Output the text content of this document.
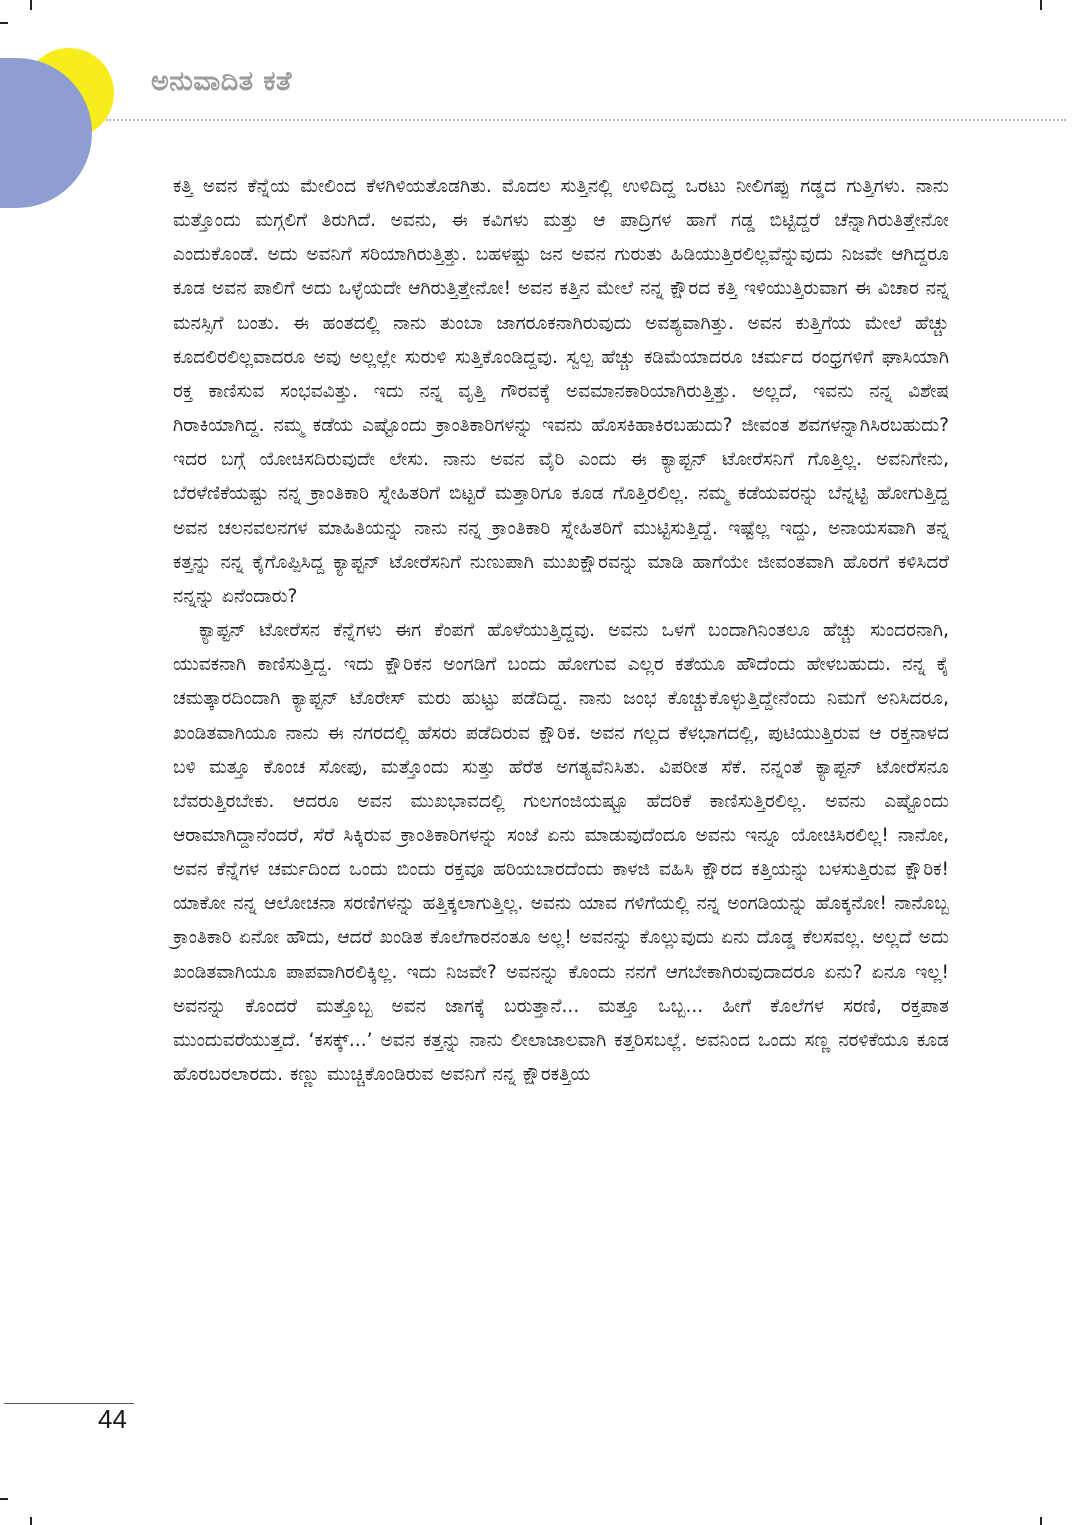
ಅನುವಾದಿತ ಕತೆ

ಕತ್ತಿ ಅವನ ಕೆನ್ನೆಯ ಮೇಲಿಂದ ಕೆಳಗಿಳಿಯತೊಡಗಿತು. ಮೊದಲ ಸುತ್ತಿನಲ್ಲಿ ಉಳಿದಿದ್ದ ಒರಟು ನೀಲಿಗಪ್ಪು ಗಡ್ಡದ ಗುತ್ತಿಗಳು. ನಾನು ಮತ್ತೊಂದು ಮಗ್ಗಲಿಗೆ ತಿರುಗಿದೆ. ಅವನು, ಈ ಕವಿಗಳು ಮತ್ತು ಆ ಪಾದ್ರಿಗಳ ಹಾಗೆ ಗಡ್ಡ ಬಿಟ್ಟಿದ್ದರೆ ಚೆನ್ನಾಗಿರುತಿತ್ತೇನೋ ಎಂದುಕೊಂಡೆ. ಅದು ಅವನಿಗೆ ಸರಿಯಾಗಿರುತ್ತಿತ್ತು. ಬಹಳಷ್ಟು ಜನ ಅವನ ಗುರುತು ಹಿಡಿಯುತ್ತಿರಲಿಲ್ಲವೆನ್ನುವುದು ನಿಜವೇ ಆಗಿದ್ದರೂ ಕೂಡ ಅವನ ಪಾಲಿಗೆ ಅದು ಒಳ್ಳೆಯದೇ ಆಗಿರುತ್ತಿತ್ತೇನೋ! ಅವನ ಕತ್ತಿನ ಮೇಲೆ ನನ್ನ ಕ್ಷೌರದ ಕತ್ತಿ ಇಳಿಯುತ್ತಿರುವಾಗ ಈ ವಿಚಾರ ನನ್ನ ಮನಸ್ಸಿಗೆ ಬಂತು. ಈ ಹಂತದಲ್ಲಿ ನಾನು ತುಂಬಾ ಜಾಗರೂಕನಾಗಿರುವುದು ಅವಶ್ಯವಾಗಿತ್ತು. ಅವನ ಕುತ್ತಿಗೆಯ ಮೇಲೆ ಹೆಚ್ಚು ಕೂದಲಿರಲಿಲ್ಲವಾದರೂ ಅವು ಅಲ್ಲಲ್ಲೇ ಸುರುಳಿ ಸುತ್ತಿಕೊಂಡಿದ್ದವು. ಸ್ವಲ್ಪ ಹೆಚ್ಚು ಕಡಿಮೆಯಾದರೂ ಚರ್ಮದ ರಂಧ್ರಗಳಿಗೆ ಘಾಸಿಯಾಗಿ ರಕ್ತ ಕಾಣಿಸುವ ಸಂಭವವಿತ್ತು. ಇದು ನನ್ನ ವೃತ್ತಿ ಗೌರವಕ್ಕೆ ಅವಮಾನಕಾರಿಯಾಗಿರುತ್ತಿತ್ತು. ಅಲ್ಲದೆ, ಇವನು ನನ್ನ ವಿಶೇಷ ಗಿರಾಕಿಯಾಗಿದ್ದ. ನಮ್ಮ ಕಡೆಯ ಎಷ್ಟೊಂದು ಕ್ರಾಂತಿಕಾರಿಗಳನ್ನು ಇವನು ಹೊಸಕಿಹಾಕಿರಬಹುದು? ಜೀವಂತ ಶವಗಳನ್ನಾಗಿಸಿರಬಹುದು? ಇದರ ಬಗ್ಗೆ ಯೋಚಿಸದಿರುವುದೇ ಲೇಸು. ನಾನು ಅವನ ವೈರಿ ಎಂದು ಈ ಕ್ಯಾಪ್ಟನ್ ಟೋರೆಸನಿಗೆ ಗೊತ್ತಿಲ್ಲ. ಅವನಿಗೇನು, ಬೆರಳೆಣಿಕೆಯಷ್ಟು ನನ್ನ ಕ್ರಾಂತಿಕಾರಿ ಸ್ನೇಹಿತರಿಗೆ ಬಿಟ್ಟರೆ ಮತ್ತಾರಿಗೂ ಕೂಡ ಗೊತ್ತಿರಲಿಲ್ಲ. ನಮ್ಮ ಕಡೆಯವರನ್ನು ಬೆನ್ನಟ್ಟಿ ಹೋಗುತ್ತಿದ್ದ ಅವನ ಚಲನವಲನಗಳ ಮಾಹಿತಿಯನ್ನು ನಾನು ನನ್ನ ಕ್ರಾಂತಿಕಾರಿ ಸ್ನೇಹಿತರಿಗೆ ಮುಟ್ಟಿಸುತ್ತಿದ್ದೆ. ಇಷ್ಟೆಲ್ಲ ಇದ್ದು, ಅನಾಯಸವಾಗಿ ತನ್ನ ಕತ್ತನ್ನು ನನ್ನ ಕೈಗೊಪ್ಪಿಸಿದ್ದ ಕ್ಯಾಪ್ಟನ್ ಟೋರೆಸನಿಗೆ ನುಣುಪಾಗಿ ಮುಖಕ್ಷೌರವನ್ನು ಮಾಡಿ ಹಾಗೆಯೇ ಜೀವಂತವಾಗಿ ಹೊರಗೆ ಕಳಿಸಿದರೆ ನನ್ನನ್ನು ಏನೆಂದಾರು?

ಕ್ಯಾಪ್ಟನ್ ಟೋರೆಸನ ಕೆನ್ನೆಗಳು ಈಗ ಕೆಂಪಗೆ ಹೊಳೆಯುತ್ತಿದ್ದವು. ಅವನು ಒಳಗೆ ಬಂದಾಗಿನಿಂತಲೂ ಹೆಚ್ಚು ಸುಂದರನಾಗಿ, ಯುವಕನಾಗಿ ಕಾಣಿಸುತ್ತಿದ್ದ. ಇದು ಕ್ಷೌರಿಕನ ಅಂಗಡಿಗೆ ಬಂದು ಹೋಗುವ ಎಲ್ಲರ ಕತೆಯೂ ಹೌದೆಂದು ಹೇಳಬಹುದು. ನನ್ನ ಕೈ ಚಮತ್ಕಾರದಿಂದಾಗಿ ಕ್ಯಾಪ್ಟನ್ ಟೊರೇಸ್ ಮರು ಹುಟ್ಟು ಪಡೆದಿದ್ದ. ನಾನು ಜಂಭ ಕೊಚ್ಚುಕೊಳ್ಳುತ್ತಿದ್ದೇನೆಂದು ನಿಮಗೆ ಅನಿಸಿದರೂ, ಖಂಡಿತವಾಗಿಯೂ ನಾನು ಈ ನಗರದಲ್ಲಿ ಹೆಸರು ಪಡೆದಿರುವ ಕ್ಷೌರಿಕ. ಅವನ ಗಲ್ಲದ ಕೆಳಭಾಗದಲ್ಲಿ, ಪುಟಿಯುತ್ತಿರುವ ಆ ರಕ್ತನಾಳದ ಬಳಿ ಮತ್ತೂ ಕೊಂಚ ಸೋಪು, ಮತ್ತೊಂದು ಸುತ್ತು ಹೆರೆತ ಅಗತ್ಯವೆನಿಸಿತು. ವಿಪರೀತ ಸೆಕೆ. ನನ್ನಂತೆ ಕ್ಯಾಪ್ಟನ್ ಟೋರೆಸನೂ ಬೆವರುತ್ತಿರಬೇಕು. ಆದರೂ ಅವನ ಮುಖಭಾವದಲ್ಲಿ ಗುಲಗಂಜಿಯಷ್ಟೂ ಹೆದರಿಕೆ ಕಾಣಿಸುತ್ತಿರಲಿಲ್ಲ. ಅವನು ಎಷ್ಟೊಂದು ಆರಾಮಾಗಿದ್ದಾನೆಂದರೆ, ಸೆರೆ ಸಿಕ್ಕಿರುವ ಕ್ರಾಂತಿಕಾರಿಗಳನ್ನು ಸಂಜೆ ಏನು ಮಾಡುವುದೆಂದೂ ಅವನು ಇನ್ನೂ ಯೋಚಿಸಿರಲಿಲ್ಲ! ನಾನೋ, ಅವನ ಕೆನ್ನೆಗಳ ಚರ್ಮದಿಂದ ಒಂದು ಬಿಂದು ರಕ್ತವೂ ಹರಿಯಬಾರದೆಂದು ಕಾಳಜಿ ವಹಿಸಿ ಕ್ಷೌರದ ಕತ್ತಿಯನ್ನು ಬಳಸುತ್ತಿರುವ ಕ್ಷೌರಿಕ! ಯಾಕೋ ನನ್ನ ಆಲೋಚನಾ ಸರಣಿಗಳನ್ನು ಹತ್ತಿಕ್ಕಲಾಗುತ್ತಿಲ್ಲ. ಅವನು ಯಾವ ಗಳಿಗೆಯಲ್ಲಿ ನನ್ನ ಅಂಗಡಿಯನ್ನು ಹೊಕ್ಕನೋ! ನಾನೊಬ್ಬ ಕ್ರಾಂತಿಕಾರಿ ಏನೋ ಹೌದು, ಆದರೆ ಖಂಡಿತ ಕೊಲೆಗಾರನಂತೂ ಅಲ್ಲ! ಅವನನ್ನು ಕೊಲ್ಲುವುದು ಏನು ದೊಡ್ಡ ಕೆಲಸವಲ್ಲ. ಅಲ್ಲದೆ ಅದು ಖಂಡಿತವಾಗಿಯೂ ಪಾಪವಾಗಿರಲಿಕ್ಕಿಲ್ಲ. ಇದು ನಿಜವೇ? ಅವನನ್ನು ಕೊಂದು ನನಗೆ ಆಗಬೇಕಾಗಿರುವುದಾದರೂ ಏನು? ಏನೂ ಇಲ್ಲ! ಅವನನ್ನು ಕೊಂದರೆ ಮತ್ತೊಬ್ಬ ಅವನ ಜಾಗಕ್ಕೆ ಬರುತ್ತಾನೆ... ಮತ್ತೂ ಒಬ್ಬ... ಹೀಗೆ ಕೊಲೆಗಳ ಸರಣಿ, ರಕ್ತಪಾತ ಮುಂದುವರೆಯುತ್ತದೆ. ‘ಕಸಕ್ಕ್...’ ಅವನ ಕತ್ತನ್ನು ನಾನು ಲೀಲಾಜಾಲವಾಗಿ ಕತ್ತರಿಸಬಲ್ಲೆ. ಅವನಿಂದ ಒಂದು ಸಣ್ಣ ನರಳಿಕೆಯೂ ಕೂಡ ಹೊರಬರಲಾರದು. ಕಣ್ಣು ಮುಚ್ಚಿಕೊಂಡಿರುವ ಅವನಿಗೆ ನನ್ನ ಕ್ಷೌರಕತ್ತಿಯ

44
